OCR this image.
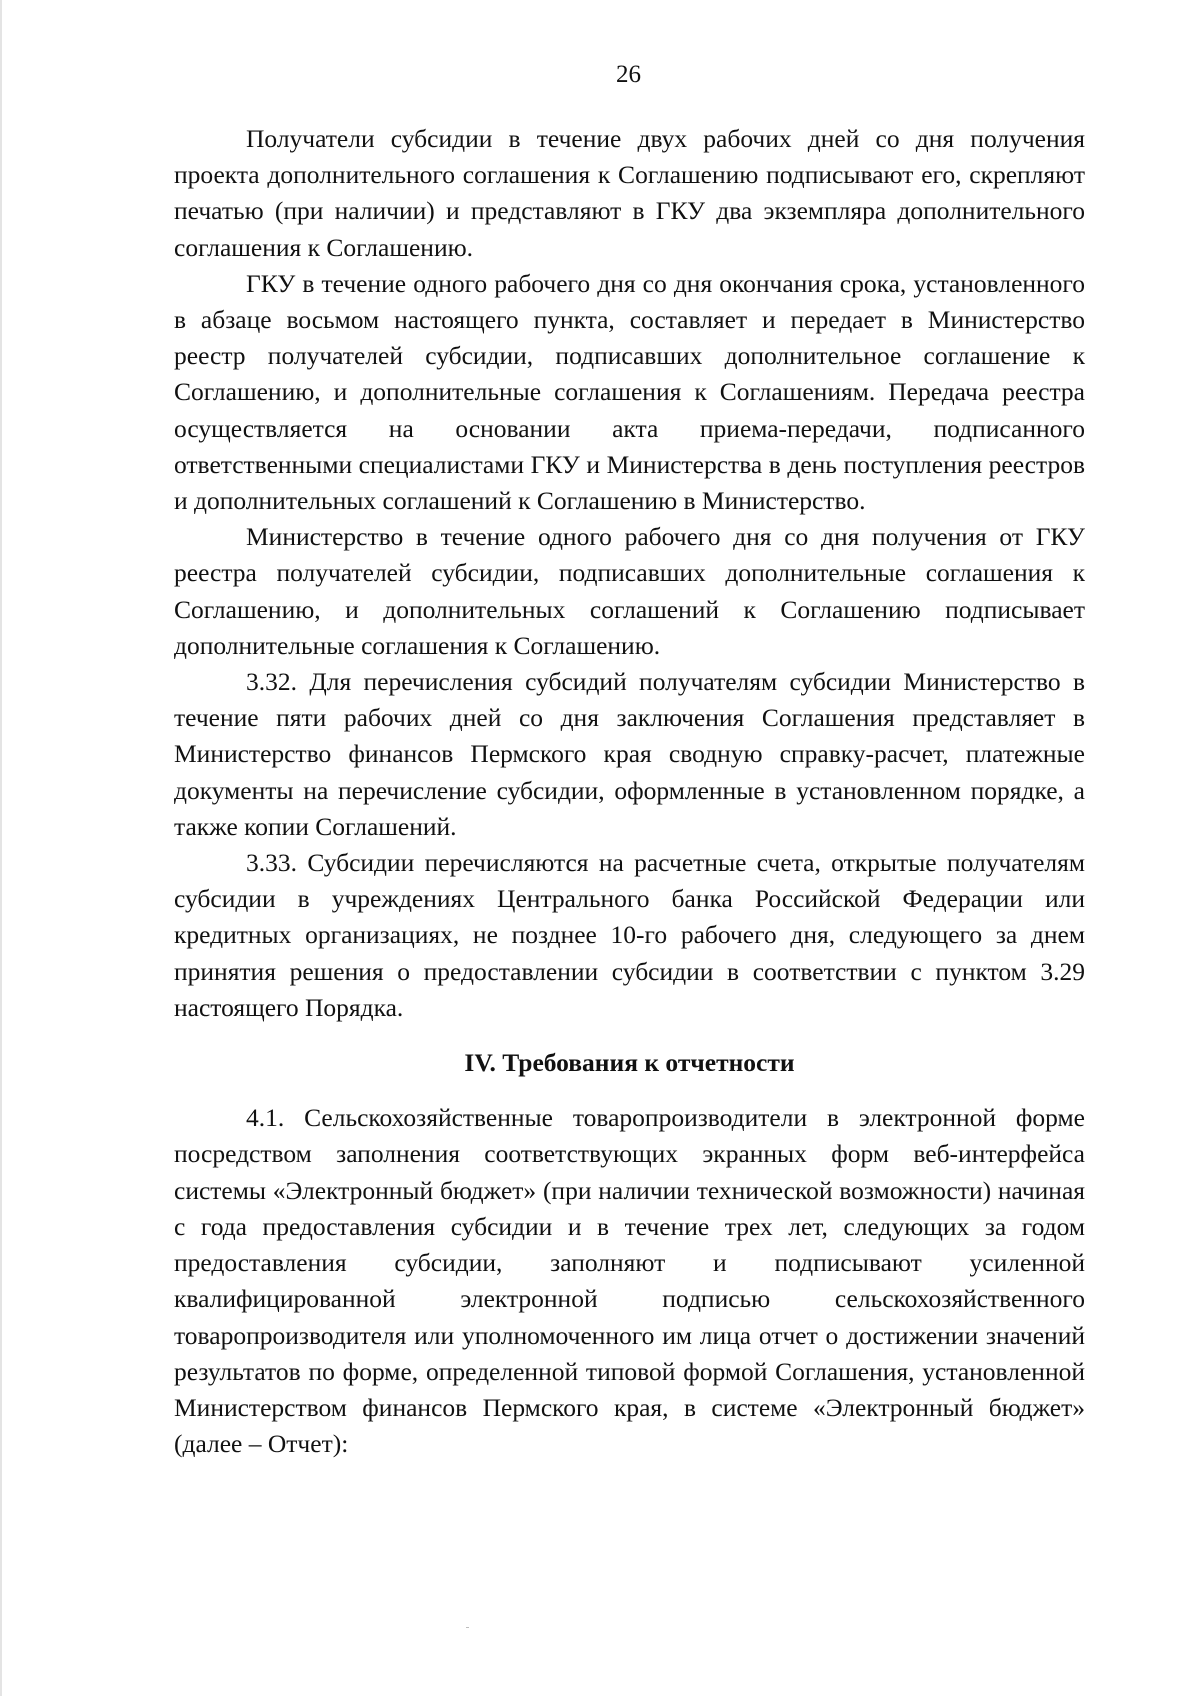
26

Получатели субсидии в течение двух рабочих дней со дня получения проекта дополнительного соглашения к Соглашению подписывают его, скрепляют печатью (при наличии) и представляют в ГКУ два экземпляра дополнительного соглашения к Соглашению.

ГКУ в течение одного рабочего дня со дня окончания срока, установленного в абзаце восьмом настоящего пункта, составляет и передает в Министерство реестр получателей субсидии, подписавших дополнительное соглашение к Соглашению, и дополнительные соглашения к Соглашениям. Передача реестра осуществляется на основании акта приема-передачи, подписанного ответственными специалистами ГКУ и Министерства в день поступления реестров и дополнительных соглашений к Соглашению в Министерство.

Министерство в течение одного рабочего дня со дня получения от ГКУ реестра получателей субсидии, подписавших дополнительные соглашения к Соглашению, и дополнительных соглашений к Соглашению подписывает дополнительные соглашения к Соглашению.

3.32. Для перечисления субсидий получателям субсидии Министерство в течение пяти рабочих дней со дня заключения Соглашения представляет в Министерство финансов Пермского края сводную справку-расчет, платежные документы на перечисление субсидии, оформленные в установленном порядке, а также копии Соглашений.

3.33. Субсидии перечисляются на расчетные счета, открытые получателям субсидии в учреждениях Центрального банка Российской Федерации или кредитных организациях, не позднее 10-го рабочего дня, следующего за днем принятия решения о предоставлении субсидии в соответствии с пунктом 3.29 настоящего Порядка.

IV. Требования к отчетности

4.1. Сельскохозяйственные товаропроизводители в электронной форме посредством заполнения соответствующих экранных форм веб-интерфейса системы «Электронный бюджет» (при наличии технической возможности) начиная с года предоставления субсидии и в течение трех лет, следующих за годом предоставления субсидии, заполняют и подписывают усиленной квалифицированной электронной подписью сельскохозяйственного товаропроизводителя или уполномоченного им лица отчет о достижении значений результатов по форме, определенной типовой формой Соглашения, установленной Министерством финансов Пермского края, в системе «Электронный бюджет» (далее – Отчет):
